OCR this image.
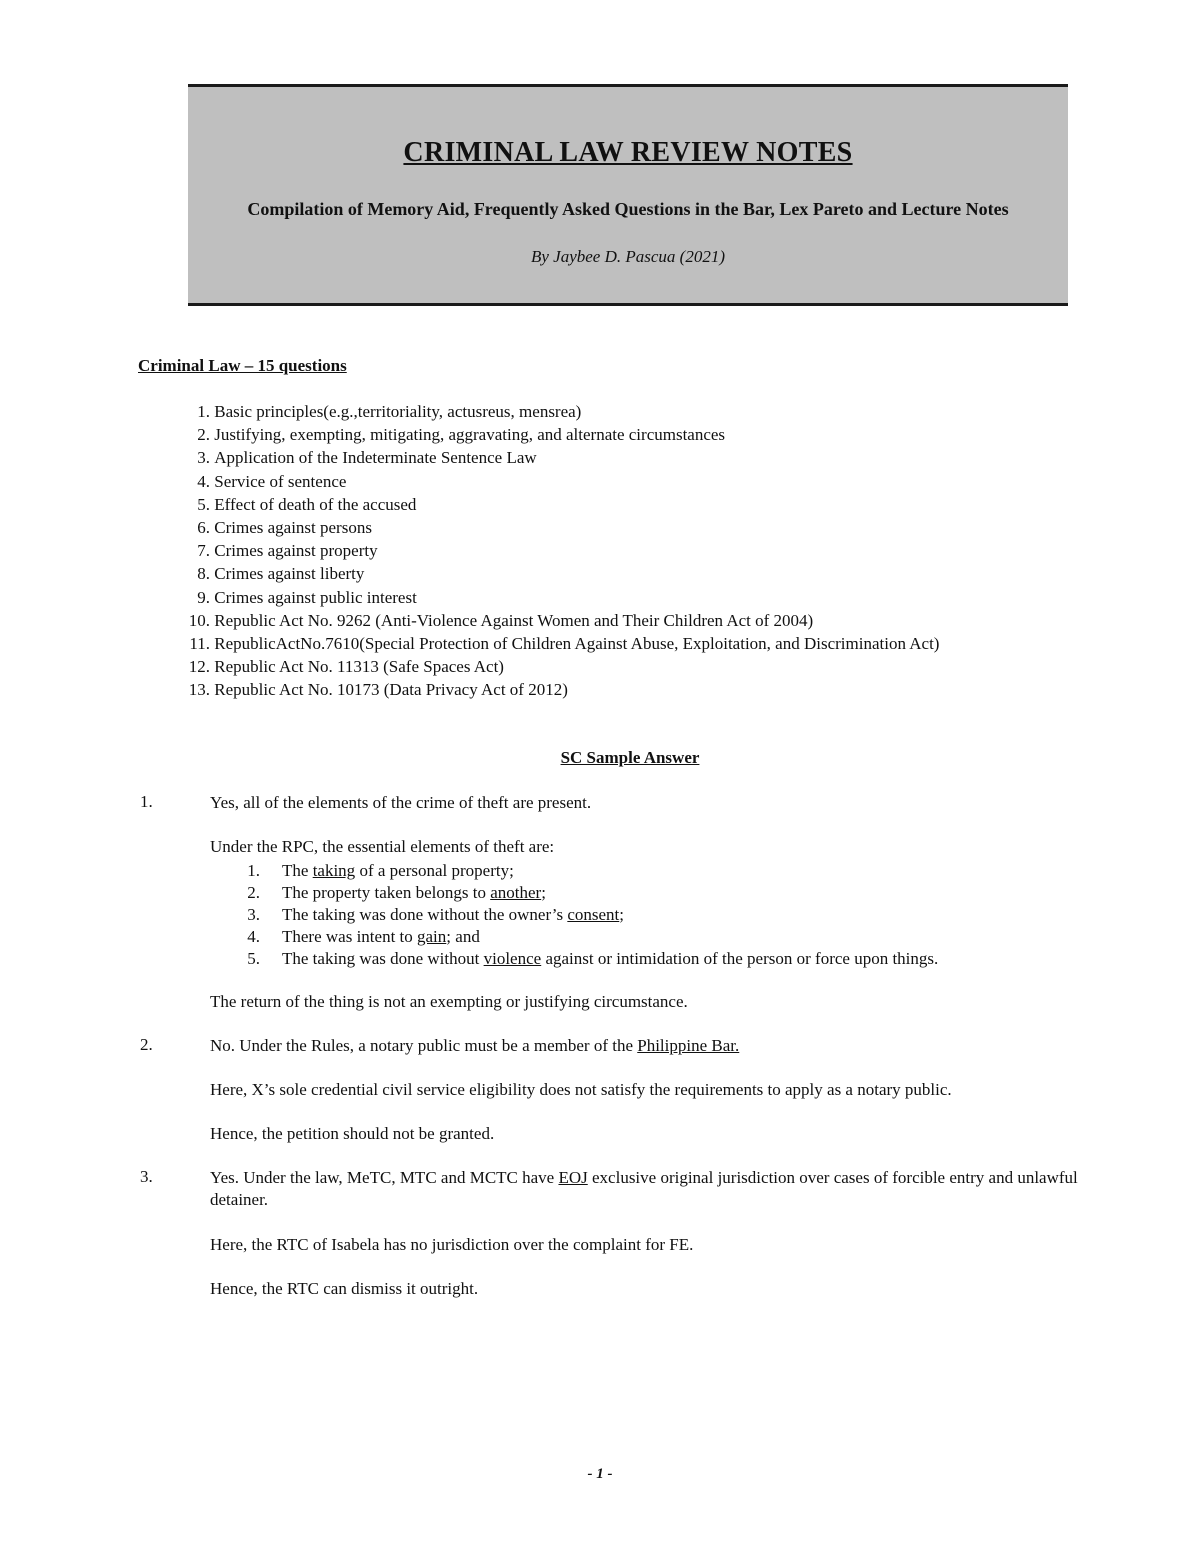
CRIMINAL LAW REVIEW NOTES
Compilation of Memory Aid, Frequently Asked Questions in the Bar, Lex Pareto and Lecture Notes
By Jaybee D. Pascua (2021)
Criminal Law – 15 questions
1. Basic principles(e.g.,territoriality, actusreus, mensrea)
2. Justifying, exempting, mitigating, aggravating, and alternate circumstances
3. Application of the Indeterminate Sentence Law
4. Service of sentence
5. Effect of death of the accused
6. Crimes against persons
7. Crimes against property
8. Crimes against liberty
9. Crimes against public interest
10. Republic Act No. 9262 (Anti-Violence Against Women and Their Children Act of 2004)
11. RepublicActNo.7610(Special Protection of Children Against Abuse, Exploitation, and Discrimination Act)
12. Republic Act No. 11313 (Safe Spaces Act)
13. Republic Act No. 10173 (Data Privacy Act of 2012)
SC Sample Answer
1.	Yes, all of the elements of the crime of theft are present.
Under the RPC, the essential elements of theft are:
1. The taking of a personal property;
2. The property taken belongs to another;
3. The taking was done without the owner’s consent;
4. There was intent to gain; and
5. The taking was done without violence against or intimidation of the person or force upon things.
The return of the thing is not an exempting or justifying circumstance.
2.	No. Under the Rules, a notary public must be a member of the Philippine Bar.
Here, X’s sole credential civil service eligibility does not satisfy the requirements to apply as a notary public.
Hence, the petition should not be granted.
3.	Yes. Under the law, MeTC, MTC and MCTC have EOJ exclusive original jurisdiction over cases of forcible entry and unlawful detainer.
Here, the RTC of Isabela has no jurisdiction over the complaint for FE.
Hence, the RTC can dismiss it outright.
- 1 -
